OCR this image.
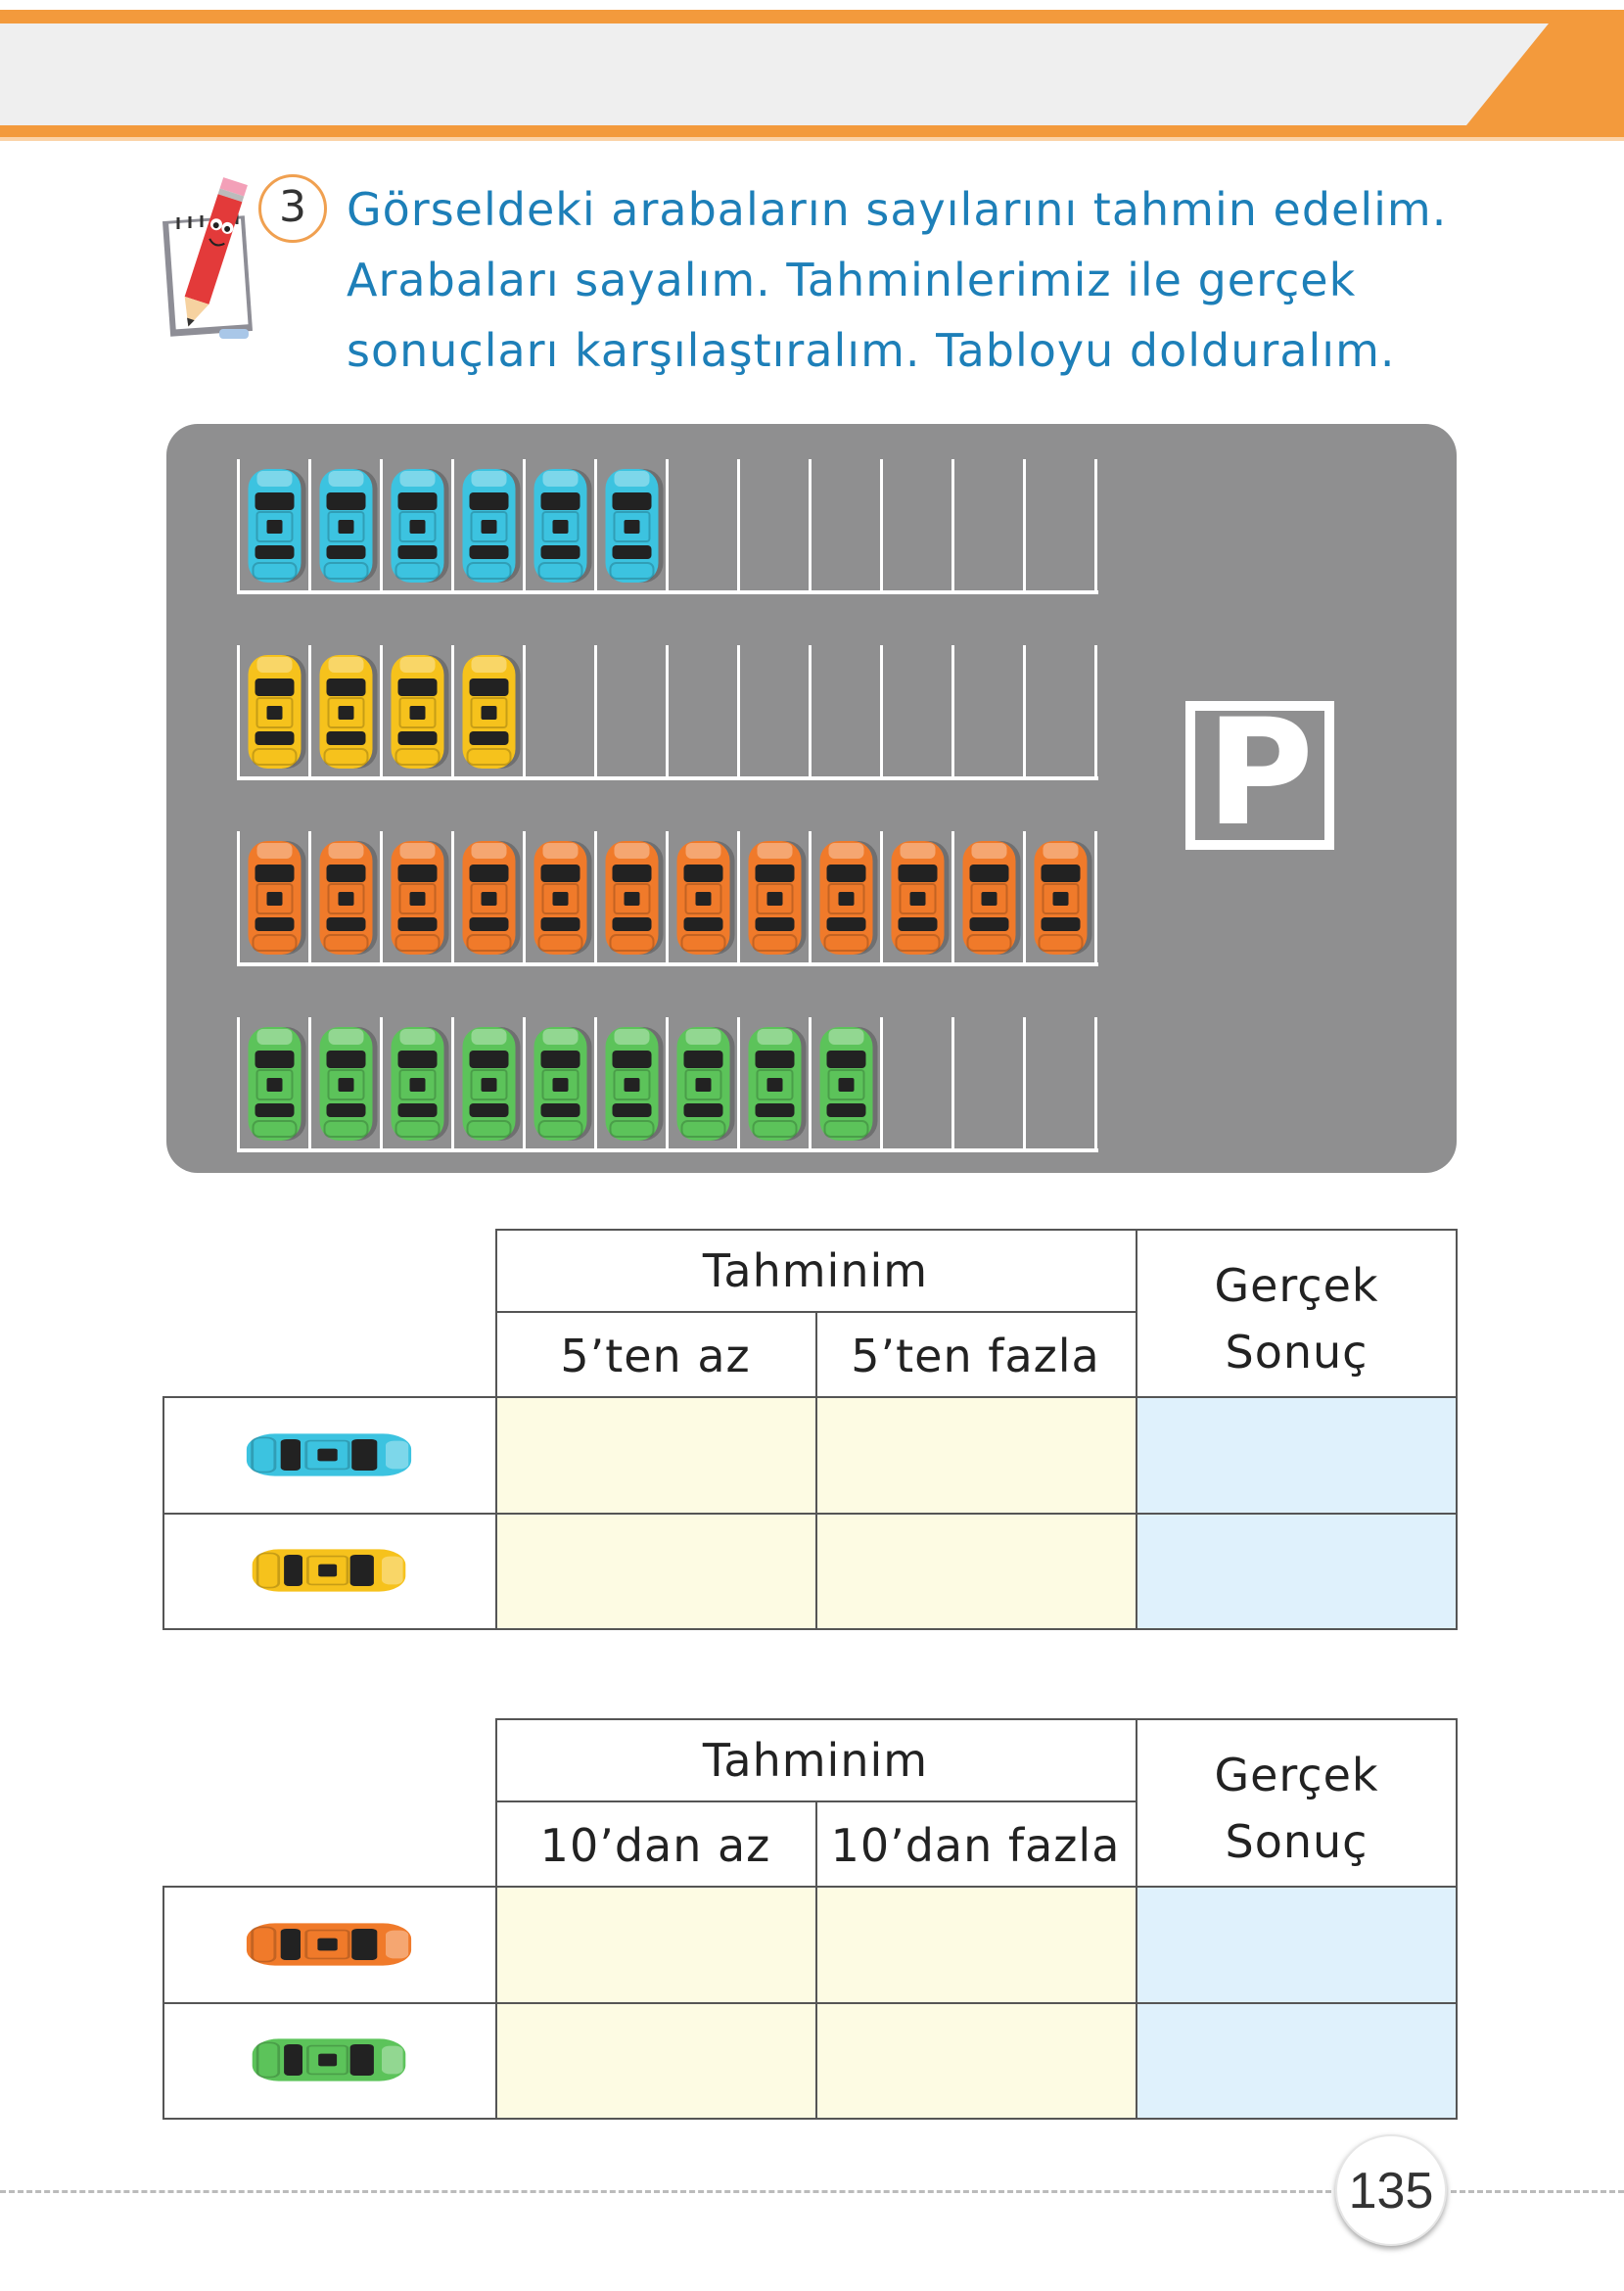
3 Görseldeki arabaların sayılarını tahmin edelim.
Arabaları sayalım. Tahminlerimiz ile gerçek
sonuçları karşılaştıralım. Tabloyu dolduralım.
P
Tahminim
5’ten az	5’ten fazla
Gerçek
Sonuç
Tahminim
10’dan az	10’dan fazla
Gerçek
Sonuç
135
